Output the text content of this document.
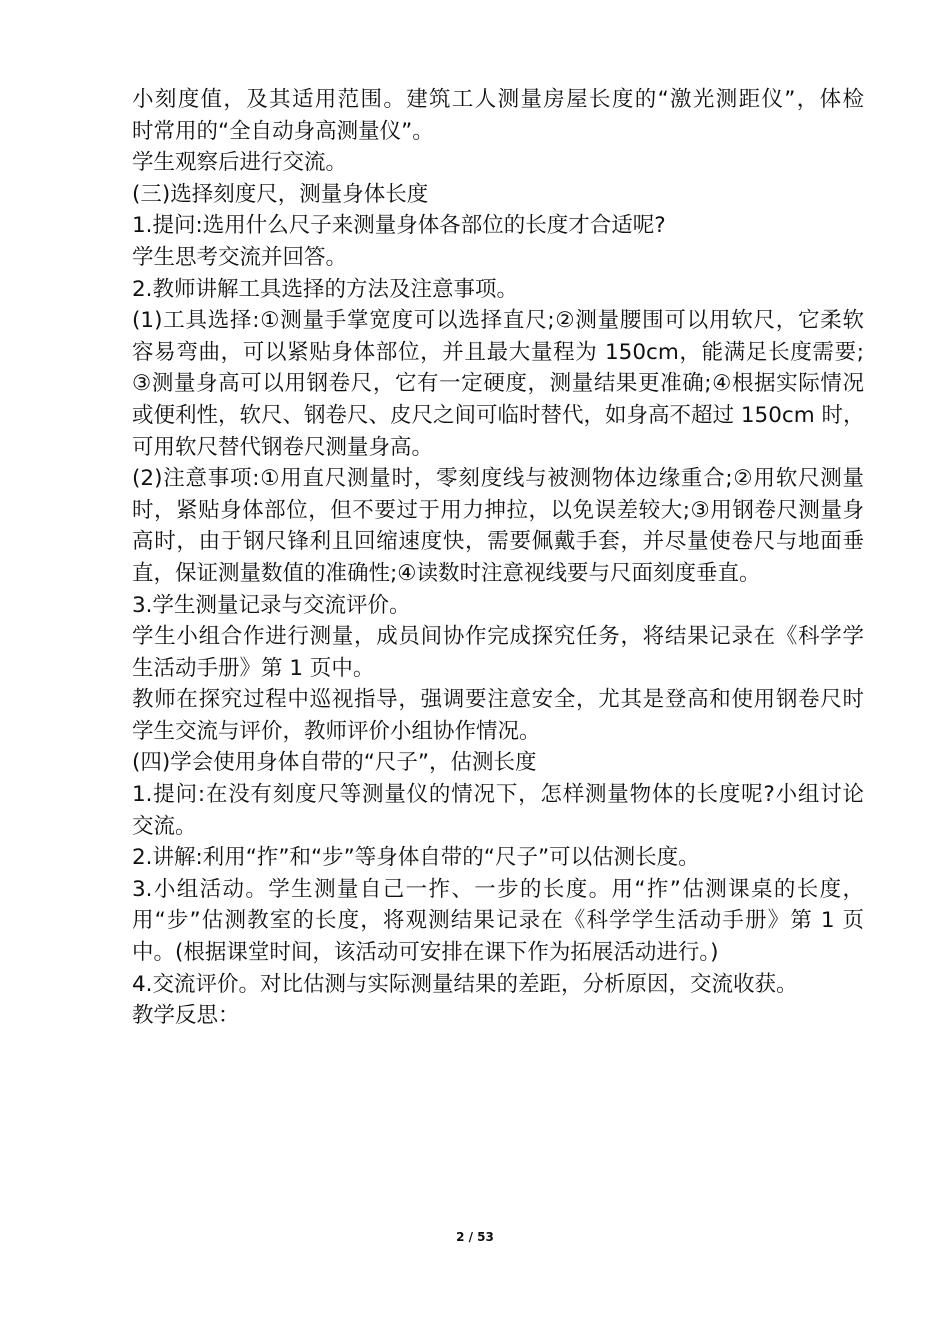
小刻度值，及其适用范围。建筑工人测量房屋长度的“激光测距仪”，体检
时常用的“全自动身高测量仪”。
学生观察后进行交流。
(三)选择刻度尺，测量身体长度
1.提问:选用什么尺子来测量身体各部位的长度才合适呢?
学生思考交流并回答。
2.教师讲解工具选择的方法及注意事项。
(1)工具选择:①测量手掌宽度可以选择直尺;②测量腰围可以用软尺，它柔软
容易弯曲，可以紧贴身体部位，并且最大量程为 150cm，能满足长度需要;
③测量身高可以用钢卷尺，它有一定硬度，测量结果更准确;④根据实际情况
或便利性，软尺、钢卷尺、皮尺之间可临时替代，如身高不超过 150cm 时，
可用软尺替代钢卷尺测量身高。
(2)注意事项:①用直尺测量时，零刻度线与被测物体边缘重合;②用软尺测量
时，紧贴身体部位，但不要过于用力抻拉，以免误差较大;③用钢卷尺测量身
高时，由于钢尺锋利且回缩速度快，需要佩戴手套，并尽量使卷尺与地面垂
直，保证测量数值的准确性;④读数时注意视线要与尺面刻度垂直。
3.学生测量记录与交流评价。
学生小组合作进行测量，成员间协作完成探究任务，将结果记录在《科学学
生活动手册》第 1 页中。
教师在探究过程中巡视指导，强调要注意安全，尤其是登高和使用钢卷尺时
学生交流与评价，教师评价小组协作情况。
(四)学会使用身体自带的“尺子”，估测长度
1.提问:在没有刻度尺等测量仪的情况下，怎样测量物体的长度呢?小组讨论
交流。
2.讲解:利用“拃”和“步”等身体自带的“尺子”可以估测长度。
3.小组活动。学生测量自己一拃、一步的长度。用“拃”估测课桌的长度，
用“步”估测教室的长度，将观测结果记录在《科学学生活动手册》第 1 页
中。(根据课堂时间，该活动可安排在课下作为拓展活动进行。)
4.交流评价。对比估测与实际测量结果的差距，分析原因，交流收获。
教学反思：
2 / 53
